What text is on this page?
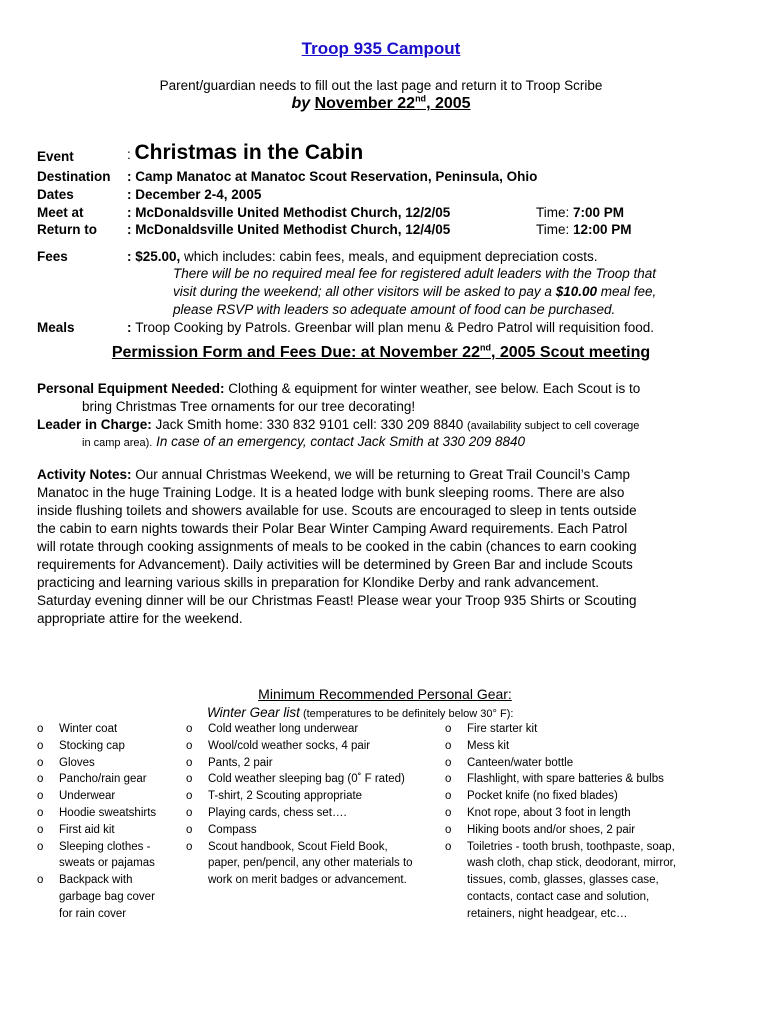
Troop 935 Campout
Parent/guardian needs to fill out the last page and return it to Troop Scribe
by November 22nd, 2005
Event	: Christmas in the Cabin
Destination : Camp Manatoc at Manatoc Scout Reservation, Peninsula, Ohio
Dates	: December 2-4, 2005
Meet at	: McDonaldsville United Methodist Church, 12/2/05	Time: 7:00 PM
Return to : McDonaldsville United Methodist Church, 12/4/05	Time: 12:00 PM
Fees	: $25.00, which includes: cabin fees, meals, and equipment depreciation costs.
There will be no required meal fee for registered adult leaders with the Troop that
visit during the weekend; all other visitors will be asked to pay a $10.00 meal fee,
please RSVP with leaders so adequate amount of food can be purchased.
Meals	: Troop Cooking by Patrols. Greenbar will plan menu & Pedro Patrol will requisition food.
Permission Form and Fees Due: at November 22nd, 2005 Scout meeting
Personal Equipment Needed: Clothing & equipment for winter weather, see below. Each Scout is to
bring Christmas Tree ornaments for our tree decorating!
Leader in Charge: Jack Smith home: 330 832 9101 cell: 330 209 8840 (availability subject to cell coverage
in camp area). In case of an emergency, contact Jack Smith at 330 209 8840
Activity Notes: Our annual Christmas Weekend, we will be returning to Great Trail Council’s Camp
Manatoc in the huge Training Lodge. It is a heated lodge with bunk sleeping rooms. There are also
inside flushing toilets and showers available for use. Scouts are encouraged to sleep in tents outside
the cabin to earn nights towards their Polar Bear Winter Camping Award requirements. Each Patrol
will rotate through cooking assignments of meals to be cooked in the cabin (chances to earn cooking
requirements for Advancement). Daily activities will be determined by Green Bar and include Scouts
practicing and learning various skills in preparation for Klondike Derby and rank advancement.
Saturday evening dinner will be our Christmas Feast! Please wear your Troop 935 Shirts or Scouting
appropriate attire for the weekend.
Minimum Recommended Personal Gear:
Winter Gear list (temperatures to be definitely below 30° F):
o Winter coat
o Stocking cap
o Gloves
o Pancho/rain gear
o Underwear
o Hoodie sweatshirts
o First aid kit
o Sleeping clothes -
sweats or pajamas
o Backpack with
garbage bag cover
for rain cover
o Cold weather long underwear
o Wool/cold weather socks, 4 pair
o Pants, 2 pair
o Cold weather sleeping bag (0˚ F rated)
o T-shirt, 2 Scouting appropriate
o Playing cards, chess set….
o Compass
o Scout handbook, Scout Field Book,
paper, pen/pencil, any other materials to
work on merit badges or advancement.
o Fire starter kit
o Mess kit
o Canteen/water bottle
o Flashlight, with spare batteries & bulbs
o Pocket knife (no fixed blades)
o Knot rope, about 3 foot in length
o Hiking boots and/or shoes, 2 pair
o Toiletries - tooth brush, toothpaste, soap,
wash cloth, chap stick, deodorant, mirror,
tissues, comb, glasses, glasses case,
contacts, contact case and solution,
retainers, night headgear, etc…
